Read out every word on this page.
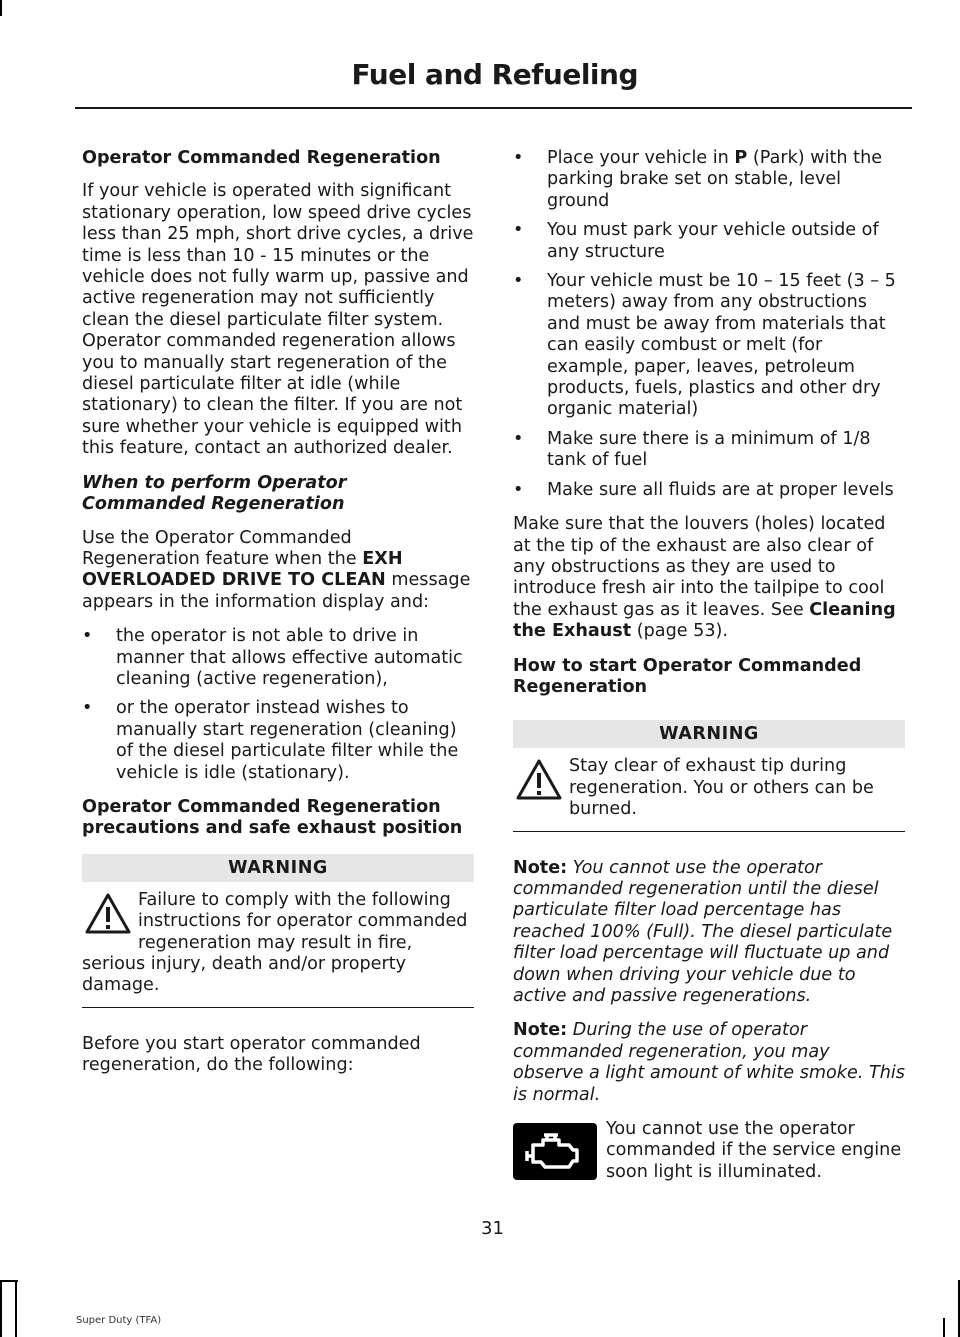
Fuel and Refueling
Operator Commanded Regeneration

If your vehicle is operated with significant stationary operation, low speed drive cycles less than 25 mph, short drive cycles, a drive time is less than 10 - 15 minutes or the vehicle does not fully warm up, passive and active regeneration may not sufficiently clean the diesel particulate filter system. Operator commanded regeneration allows you to manually start regeneration of the diesel particulate filter at idle (while stationary) to clean the filter. If you are not sure whether your vehicle is equipped with this feature, contact an authorized dealer.

When to perform Operator Commanded Regeneration

Use the Operator Commanded Regeneration feature when the EXH OVERLOADED DRIVE TO CLEAN message appears in the information display and:

• the operator is not able to drive in manner that allows effective automatic cleaning (active regeneration),
• or the operator instead wishes to manually start regeneration (cleaning) of the diesel particulate filter while the vehicle is idle (stationary).
Operator Commanded Regeneration precautions and safe exhaust position
WARNING
Failure to comply with the following instructions for operator commanded regeneration may result in fire, serious injury, death and/or property damage.

Before you start operator commanded regeneration, do the following:

• Place your vehicle in P (Park) with the parking brake set on stable, level ground
• You must park your vehicle outside of any structure
• Your vehicle must be 10 – 15 feet (3 – 5 meters) away from any obstructions and must be away from materials that can easily combust or melt (for example, paper, leaves, petroleum products, fuels, plastics and other dry organic material)
• Make sure there is a minimum of 1/8 tank of fuel
• Make sure all fluids are at proper levels

Make sure that the louvers (holes) located at the tip of the exhaust are also clear of any obstructions as they are used to introduce fresh air into the tailpipe to cool the exhaust gas as it leaves. See Cleaning the Exhaust (page 53).

How to start Operator Commanded Regeneration
WARNING
Stay clear of exhaust tip during regeneration. You or others can be burned.

Note: You cannot use the operator commanded regeneration until the diesel particulate filter load percentage has reached 100% (Full). The diesel particulate filter load percentage will fluctuate up and down when driving your vehicle due to active and passive regenerations.

Note: During the use of operator commanded regeneration, you may observe a light amount of white smoke. This is normal.

You cannot use the operator commanded if the service engine soon light is illuminated.
31
Super Duty (TFA)
